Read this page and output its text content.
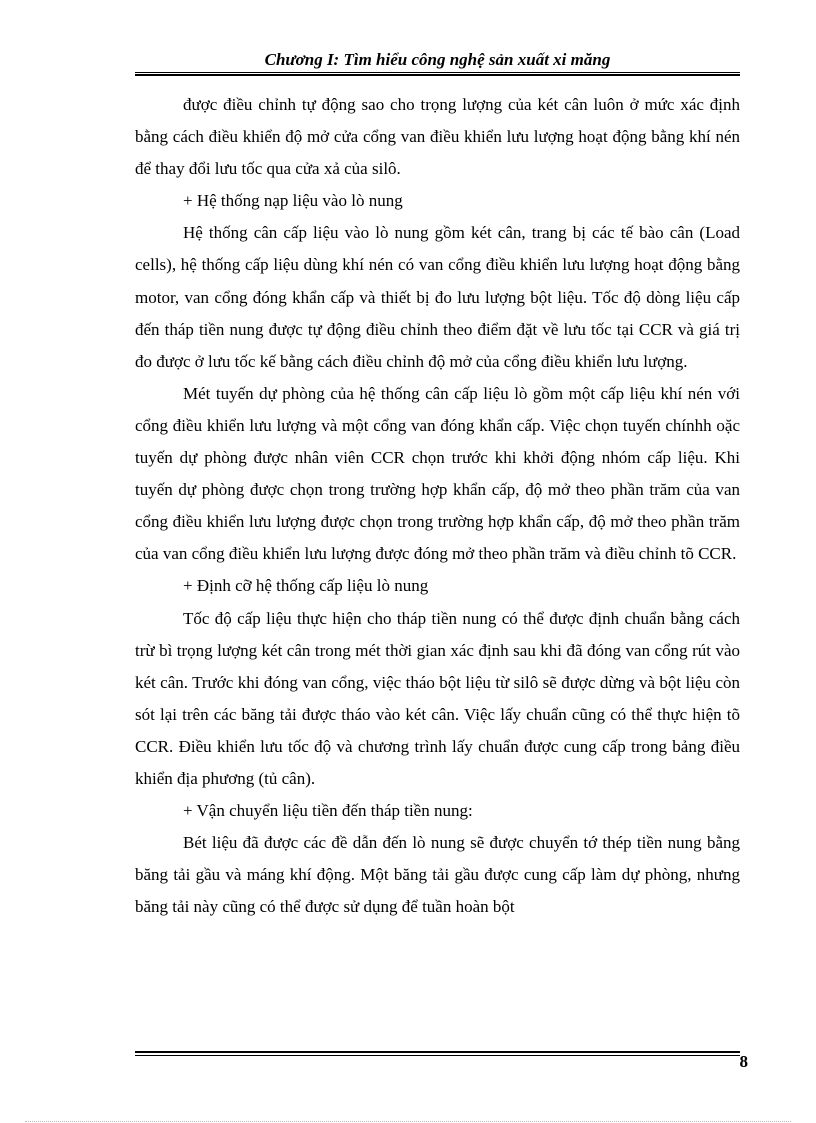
Chương I: Tìm hiểu công nghệ sản xuất xi măng

được điều chỉnh tự động sao cho trọng lượng của két cân luôn ở mức xác định bằng cách điều khiển độ mở cửa cổng van điều khiển lưu lượng hoạt động bằng khí nén để thay đổi lưu tốc qua cửa xả của silô.

+ Hệ thống nạp liệu vào lò nung

Hệ thống cân cấp liệu vào lò nung gồm két cân, trang bị các tế bào cân (Load cells), hệ thống cấp liệu dùng khí nén có van cổng điều khiển lưu lượng hoạt động bằng motor, van cổng đóng khẩn cấp và thiết bị đo lưu lượng bột liệu. Tốc độ dòng liệu cấp đến tháp tiền nung được tự động điều chỉnh theo điểm đặt về lưu tốc tại CCR và giá trị đo được ở lưu tốc kế bằng cách điều chỉnh độ mở của cổng điều khiển lưu lượng.

Mét tuyến dự phòng của hệ thống cân cấp liệu lò gồm một cấp liệu khí nén với cổng điều khiển lưu lượng và một cổng van đóng khẩn cấp. Việc chọn tuyến chínhh oặc tuyến dự phòng được nhân viên CCR chọn trước khi khởi động nhóm cấp liệu. Khi tuyến dự phòng được chọn trong trường hợp khẩn cấp, độ mở theo phần trăm của van cổng điều khiển lưu lượng được chọn trong trường hợp khẩn cấp, độ mở theo phần trăm của van cổng điều khiển lưu lượng được đóng mở theo phần trăm và điều chỉnh tõ CCR.

+ Định cỡ hệ thống cấp liệu lò nung

Tốc độ cấp liệu thực hiện cho tháp tiền nung có thể được định chuẩn bằng cách trừ bì trọng lượng két cân trong mét thời gian xác định sau khi đã đóng van cổng rút vào két cân. Trước khi đóng van cổng, việc tháo bột liệu từ silô sẽ được dừng và bột liệu còn sót lại trên các băng tải được tháo vào két cân. Việc lấy chuẩn cũng có thể thực hiện tõ CCR. Điều khiển lưu tốc độ và chương trình lấy chuẩn được cung cấp trong bảng điều khiển địa phương (tủ cân).

+ Vận chuyển liệu tiền đến tháp tiền nung:

Bét liệu đã được các đề dẫn đến lò nung sẽ được chuyển tớ thép tiền nung bằng băng tải gầu và máng khí động. Một băng tải gầu được cung cấp làm dự phòng, nhưng băng tải này cũng có thể được sử dụng để tuần hoàn bột

8
